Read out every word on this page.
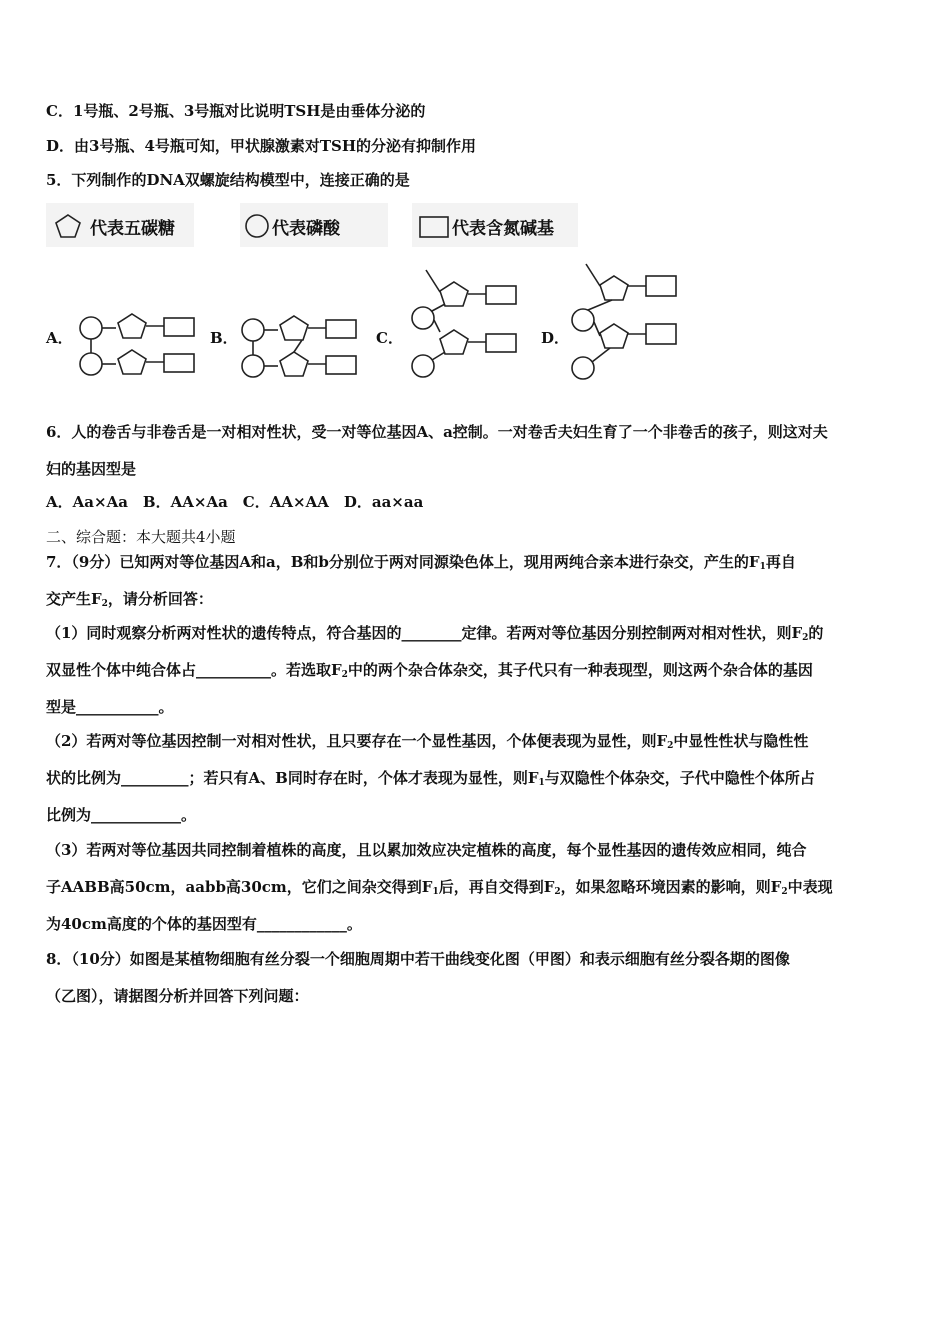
C．1号瓶、2号瓶、3号瓶对比说明TSH是由垂体分泌的
D．由3号瓶、4号瓶可知，甲状腺激素对TSH的分泌有抑制作用
5．下列制作的DNA双螺旋结构模型中，连接正确的是
代表五碳糖	代表磷酸	代表含氮碱基
A．	B．	C．	D．
6．人的卷舌与非卷舌是一对相对性状，受一对等位基因A、a控制。一对卷舌夫妇生育了一个非卷舌的孩子，则这对夫
妇的基因型是
A．Aa×Aa　B．AA×Aa　C．AA×AA　D．aa×aa
二、综合题：本大题共4小题
7．（9分）已知两对等位基因A和a，B和b分别位于两对同源染色体上，现用两纯合亲本进行杂交，产生的$F_1$再自
交产生$F_2$，请分析回答：
（1）同时观察分析两对性状的遗传特点，符合基因的________定律。若两对等位基因分别控制两对相对性状，则$F_2$的
双显性个体中纯合体占__________。若选取$F_2$中的两个杂合体杂交，其子代只有一种表现型，则这两个杂合体的基因
型是___________。
（2）若两对等位基因控制一对相对性状，且只要存在一个显性基因，个体便表现为显性，则$F_2$中显性性状与隐性性
状的比例为_________；若只有A、B同时存在时，个体才表现为显性，则$F_1$与双隐性个体杂交，子代中隐性个体所占
比例为____________。
（3）若两对等位基因共同控制着植株的高度，且以累加效应决定植株的高度，每个显性基因的遗传效应相同，纯合
子AABB高50cm，aabb高30cm，它们之间杂交得到$F_1$后，再自交得到$F_2$，如果忽略环境因素的影响，则$F_2$中表现
为40cm高度的个体的基因型有____________。
8．（10分）如图是某植物细胞有丝分裂一个细胞周期中若干曲线变化图（甲图）和表示细胞有丝分裂各期的图像
（乙图），请据图分析并回答下列问题：
